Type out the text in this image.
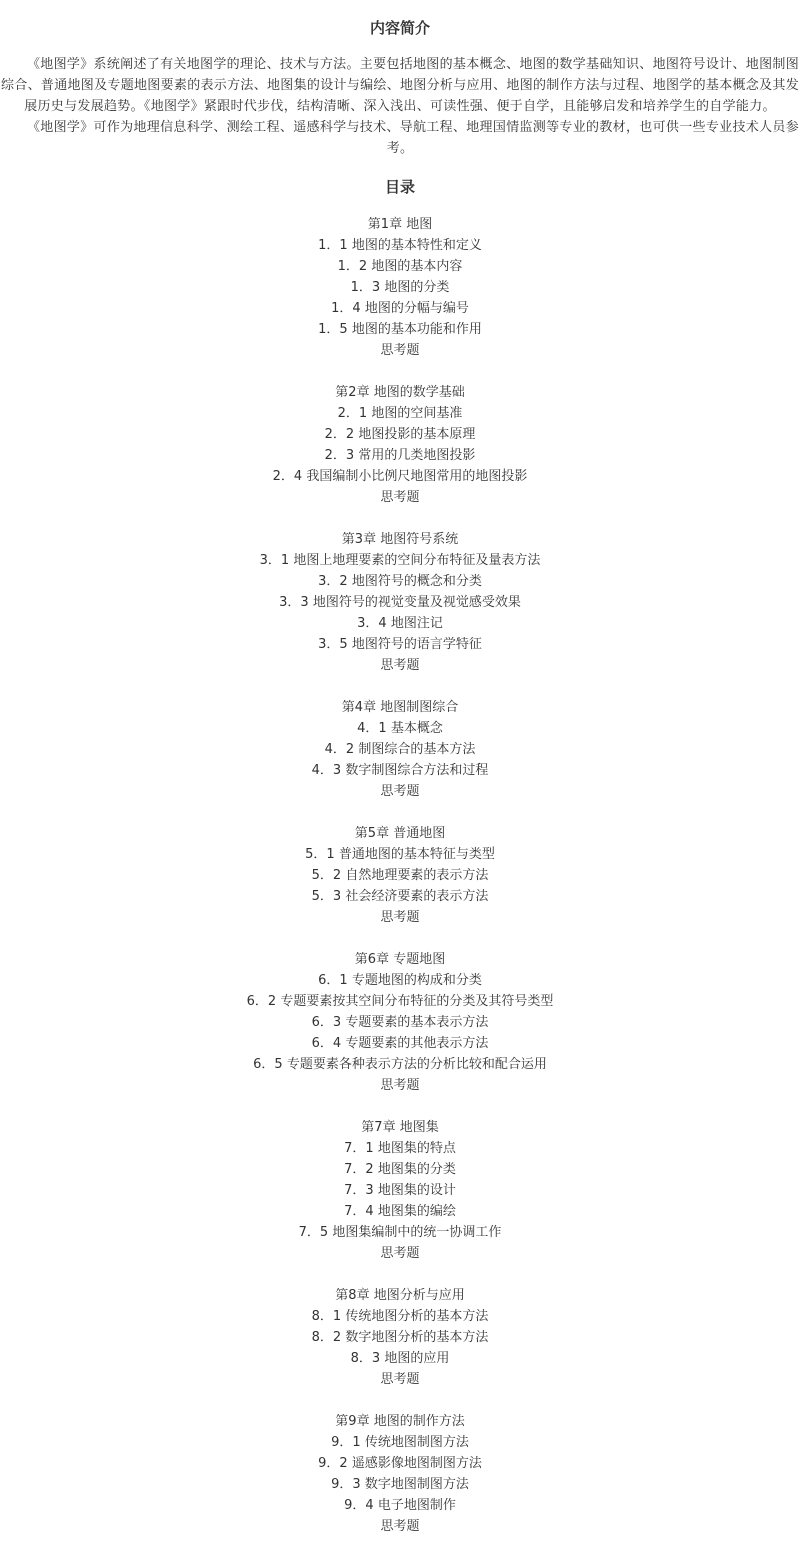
内容简介

《地图学》系统阐述了有关地图学的理论、技术与方法。主要包括地图的基本概念、地图的数学基础知识、地图符号设计、地图制图综合、普通地图及专题地图要素的表示方法、地图集的设计与编绘、地图分析与应用、地图的制作方法与过程、地图学的基本概念及其发展历史与发展趋势。《地图学》紧跟时代步伐，结构清晰、深入浅出、可读性强、便于自学，且能够启发和培养学生的自学能力。

《地图学》可作为地理信息科学、测绘工程、遥感科学与技术、导航工程、地理国情监测等专业的教材，也可供一些专业技术人员参考。

目录
第1章 地图
1．1 地图的基本特性和定义
1．2 地图的基本内容
1．3 地图的分类
1．4 地图的分幅与编号
1．5 地图的基本功能和作用
思考题
第2章 地图的数学基础
2．1 地图的空间基准
2．2 地图投影的基本原理
2．3 常用的几类地图投影
2．4 我国编制小比例尺地图常用的地图投影
思考题
第3章 地图符号系统
3．1 地图上地理要素的空间分布特征及量表方法
3．2 地图符号的概念和分类
3．3 地图符号的视觉变量及视觉感受效果
3．4 地图注记
3．5 地图符号的语言学特征
思考题
第4章 地图制图综合
4．1 基本概念
4．2 制图综合的基本方法
4．3 数字制图综合方法和过程
思考题
第5章 普通地图
5．1 普通地图的基本特征与类型
5．2 自然地理要素的表示方法
5．3 社会经济要素的表示方法
思考题
第6章 专题地图
6．1 专题地图的构成和分类
6．2 专题要素按其空间分布特征的分类及其符号类型
6．3 专题要素的基本表示方法
6．4 专题要素的其他表示方法
6．5 专题要素各种表示方法的分析比较和配合运用
思考题
第7章 地图集
7．1 地图集的特点
7．2 地图集的分类
7．3 地图集的设计
7．4 地图集的编绘
7．5 地图集编制中的统一协调工作
思考题
第8章 地图分析与应用
8．1 传统地图分析的基本方法
8．2 数字地图分析的基本方法
8．3 地图的应用
思考题
第9章 地图的制作方法
9．1 传统地图制图方法
9．2 遥感影像地图制图方法
9．3 数字地图制图方法
9．4 电子地图制作
思考题
